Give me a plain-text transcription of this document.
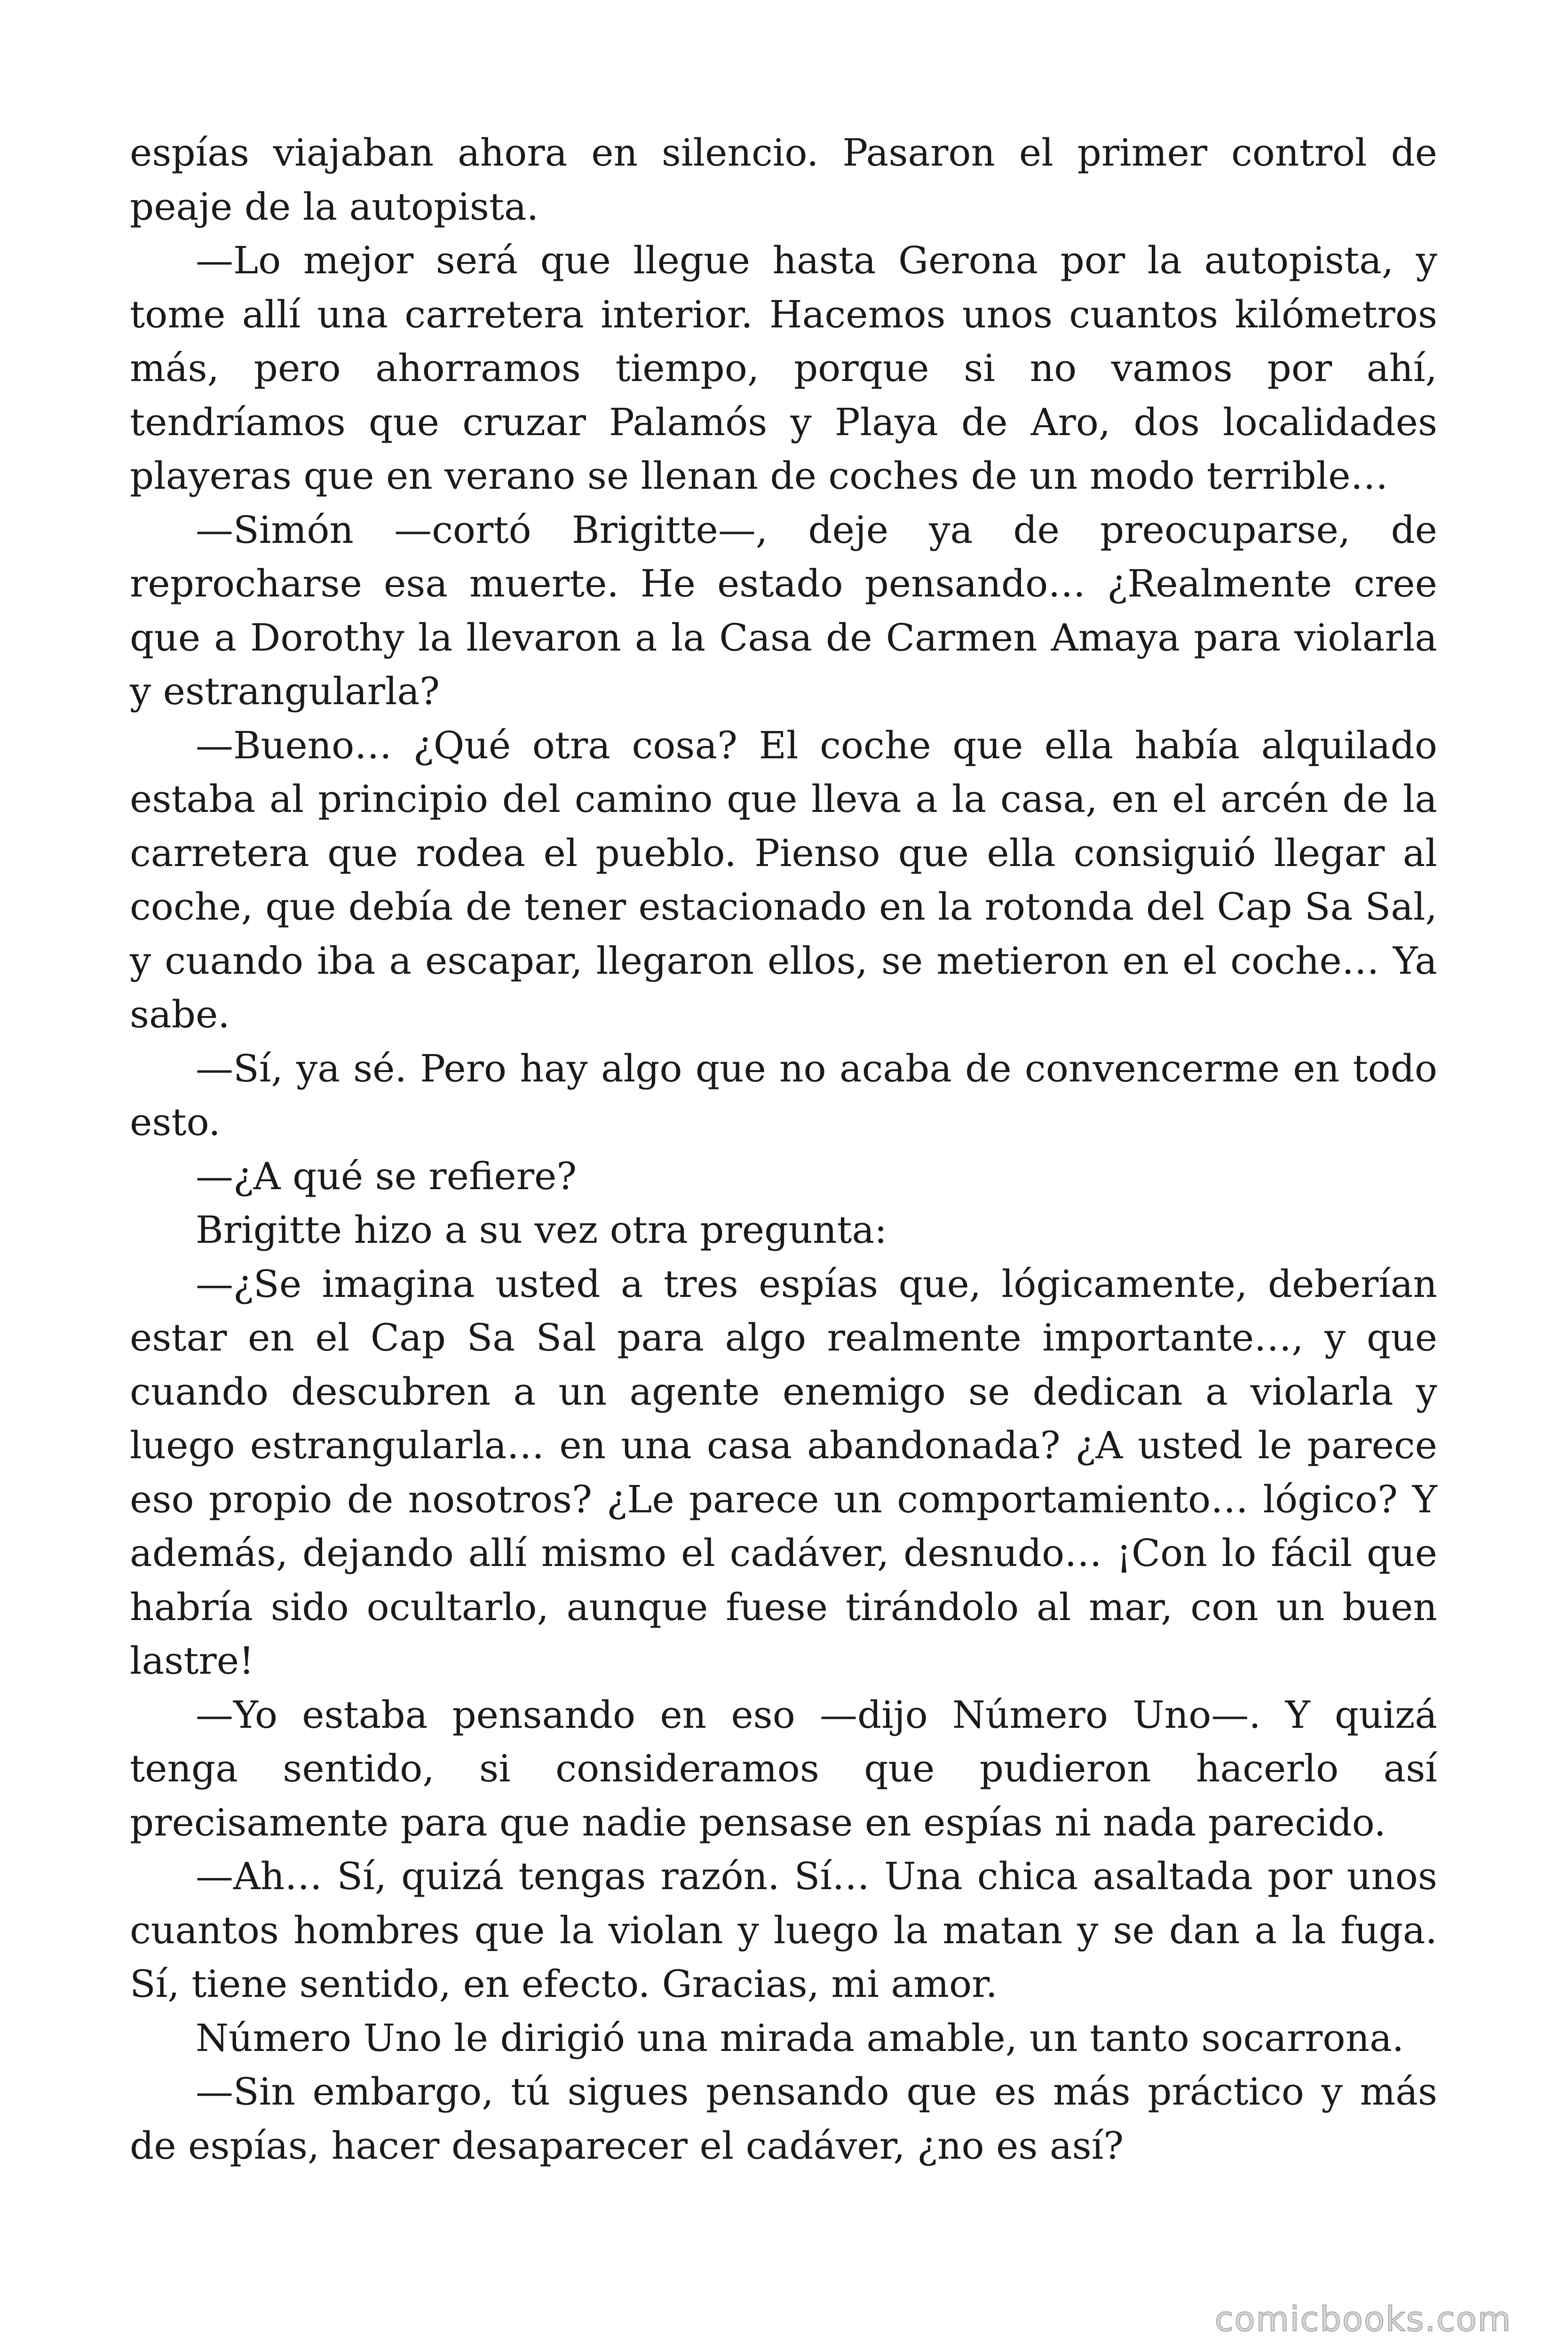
espías viajaban ahora en silencio. Pasaron el primer control de peaje de la autopista.

—Lo mejor será que llegue hasta Gerona por la autopista, y tome allí una carretera interior. Hacemos unos cuantos kilómetros más, pero ahorramos tiempo, porque si no vamos por ahí, tendríamos que cruzar Palamós y Playa de Aro, dos localidades playeras que en verano se llenan de coches de un modo terrible…

—Simón —cortó Brigitte—, deje ya de preocuparse, de reprocharse esa muerte. He estado pensando… ¿Realmente cree que a Dorothy la llevaron a la Casa de Carmen Amaya para violarla y estrangularla?

—Bueno… ¿Qué otra cosa? El coche que ella había alquilado estaba al principio del camino que lleva a la casa, en el arcén de la carretera que rodea el pueblo. Pienso que ella consiguió llegar al coche, que debía de tener estacionado en la rotonda del Cap Sa Sal, y cuando iba a escapar, llegaron ellos, se metieron en el coche… Ya sabe.

—Sí, ya sé. Pero hay algo que no acaba de convencerme en todo esto.

—¿A qué se refiere?

Brigitte hizo a su vez otra pregunta:

—¿Se imagina usted a tres espías que, lógicamente, deberían estar en el Cap Sa Sal para algo realmente importante…, y que cuando descubren a un agente enemigo se dedican a violarla y luego estrangularla… en una casa abandonada? ¿A usted le parece eso propio de nosotros? ¿Le parece un comportamiento… lógico? Y además, dejando allí mismo el cadáver, desnudo… ¡Con lo fácil que habría sido ocultarlo, aunque fuese tirándolo al mar, con un buen lastre!

—Yo estaba pensando en eso —dijo Número Uno—. Y quizá tenga sentido, si consideramos que pudieron hacerlo así precisamente para que nadie pensase en espías ni nada parecido.

—Ah… Sí, quizá tengas razón. Sí… Una chica asaltada por unos cuantos hombres que la violan y luego la matan y se dan a la fuga. Sí, tiene sentido, en efecto. Gracias, mi amor.

Número Uno le dirigió una mirada amable, un tanto socarrona.

—Sin embargo, tú sigues pensando que es más práctico y más de espías, hacer desaparecer el cadáver, ¿no es así?

comicbooks.com
